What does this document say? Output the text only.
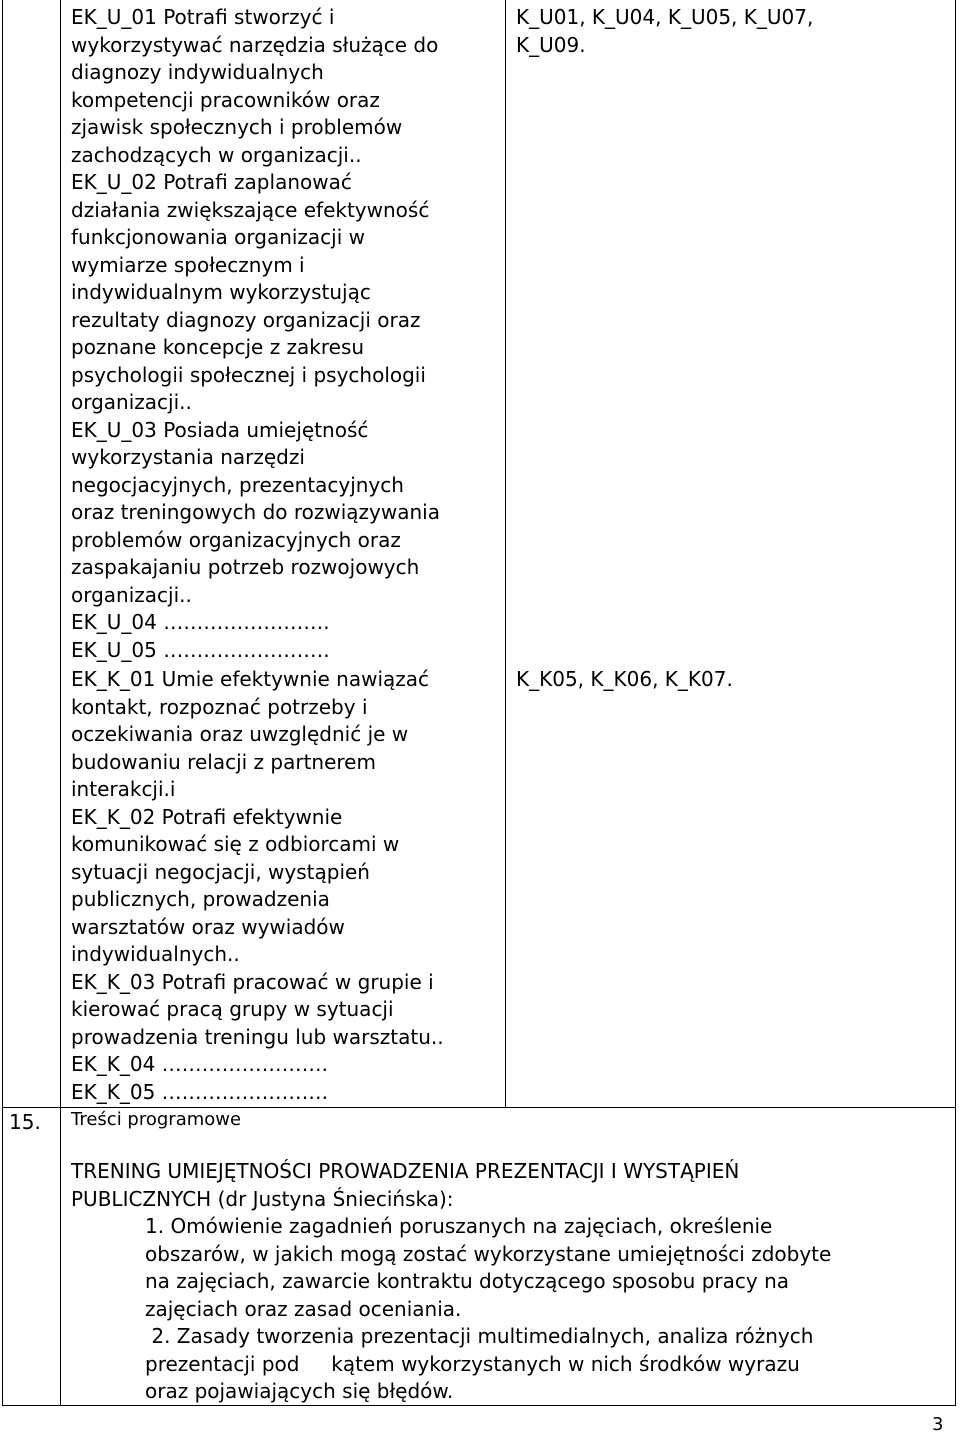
EK_U_01 Potrafi stworzyć i
wykorzystywać narzędzia służące do
diagnozy indywidualnych
kompetencji pracowników oraz
zjawisk społecznych i problemów
zachodzących w organizacji..
EK_U_02 Potrafi zaplanować
działania zwiększające efektywność
funkcjonowania organizacji w
wymiarze społecznym i
indywidualnym wykorzystując
rezultaty diagnozy organizacji oraz
poznane koncepcje z zakresu
psychologii społecznej i psychologii
organizacji..
EK_U_03 Posiada umiejętność
wykorzystania narzędzi
negocjacyjnych, prezentacyjnych
oraz treningowych do rozwiązywania
problemów organizacyjnych oraz
zaspakajaniu potrzeb rozwojowych
organizacji..
EK_U_04 …………………….
EK_U_05 …………………….
K_U01, K_U04, K_U05, K_U07,
K_U09.
EK_K_01 Umie efektywnie nawiązać
kontakt, rozpoznać potrzeby i
oczekiwania oraz uwzględnić je w
budowaniu relacji z partnerem
interakcji.i
EK_K_02 Potrafi efektywnie
komunikować się z odbiorcami w
sytuacji negocjacji, wystąpień
publicznych, prowadzenia
warsztatów oraz wywiadów
indywidualnych..
EK_K_03 Potrafi pracować w grupie i
kierować pracą grupy w sytuacji
prowadzenia treningu lub warsztatu..
EK_K_04 …………………….
EK_K_05 …………………….
K_K05, K_K06, K_K07.
15. Treści programowe
TRENING UMIEJĘTNOŚCI PROWADZENIA PREZENTACJI I WYSTĄPIEŃ
PUBLICZNYCH (dr Justyna Śniecińska):
1. Omówienie zagadnień poruszanych na zajęciach, określenie
obszarów, w jakich mogą zostać wykorzystane umiejętności zdobyte
na zajęciach, zawarcie kontraktu dotyczącego sposobu pracy na
zajęciach oraz zasad oceniania.
2. Zasady tworzenia prezentacji multimedialnych, analiza różnych
prezentacji pod     kątem wykorzystanych w nich środków wyrazu
oraz pojawiających się błędów.
3
